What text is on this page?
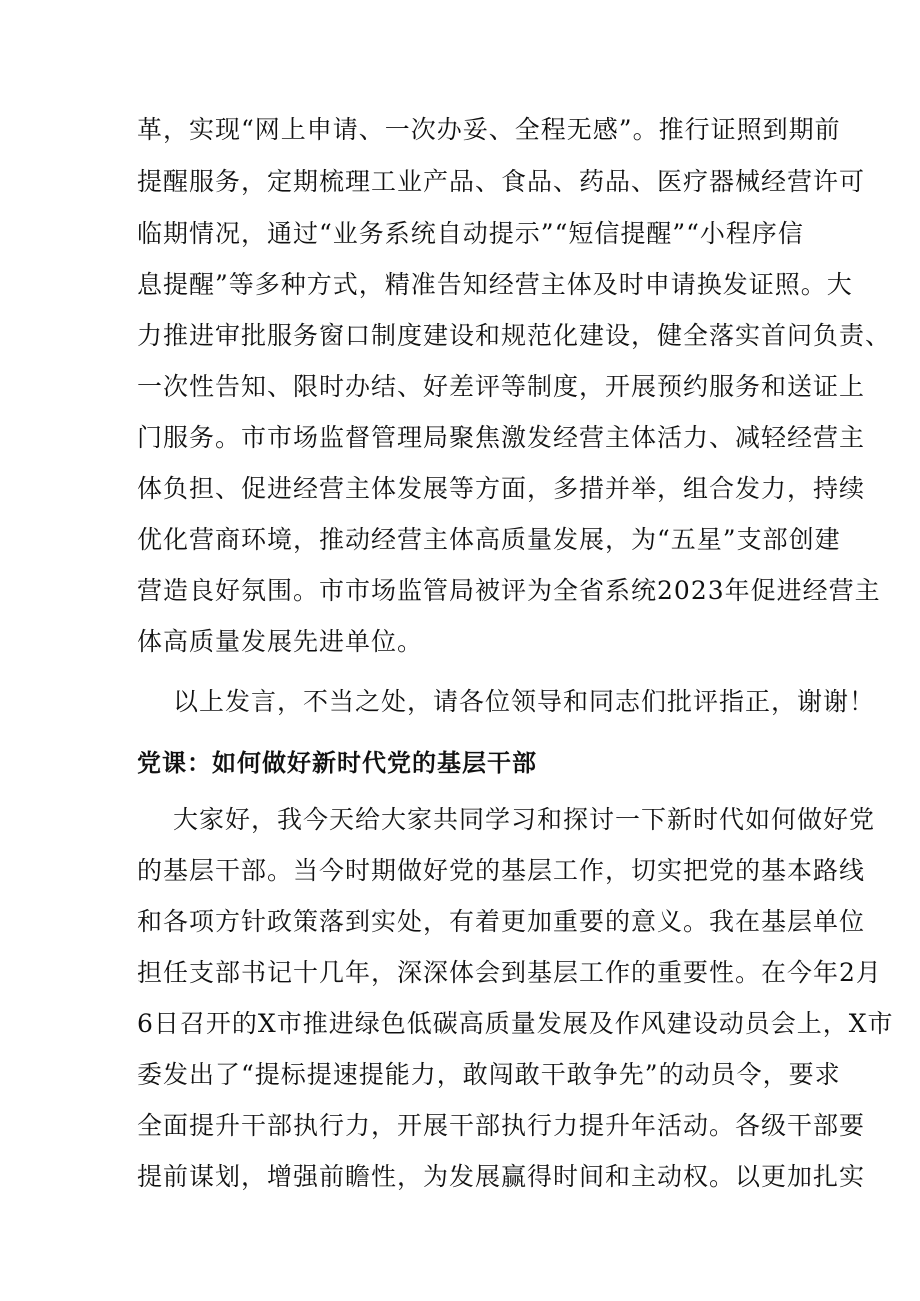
革，实现“网上申请、一次办妥、全程无感”。推行证照到期前
提醒服务，定期梳理工业产品、食品、药品、医疗器械经营许可
临期情况，通过“业务系统自动提示”“短信提醒”“小程序信
息提醒”等多种方式，精准告知经营主体及时申请换发证照。大
力推进审批服务窗口制度建设和规范化建设，健全落实首问负责、
一次性告知、限时办结、好差评等制度，开展预约服务和送证上
门服务。市市场监督管理局聚焦激发经营主体活力、减轻经营主
体负担、促进经营主体发展等方面，多措并举，组合发力，持续
优化营商环境，推动经营主体高质量发展，为“五星”支部创建
营造良好氛围。市市场监管局被评为全省系统2023年促进经营主
体高质量发展先进单位。
以上发言，不当之处，请各位领导和同志们批评指正，谢谢！
党课：如何做好新时代党的基层干部
大家好，我今天给大家共同学习和探讨一下新时代如何做好党
的基层干部。当今时期做好党的基层工作，切实把党的基本路线
和各项方针政策落到实处，有着更加重要的意义。我在基层单位
担任支部书记十几年，深深体会到基层工作的重要性。在今年2月
6日召开的X市推进绿色低碳高质量发展及作风建设动员会上，X市
委发出了“提标提速提能力，敢闯敢干敢争先”的动员令，要求
全面提升干部执行力，开展干部执行力提升年活动。各级干部要
提前谋划，增强前瞻性，为发展赢得时间和主动权。以更加扎实
